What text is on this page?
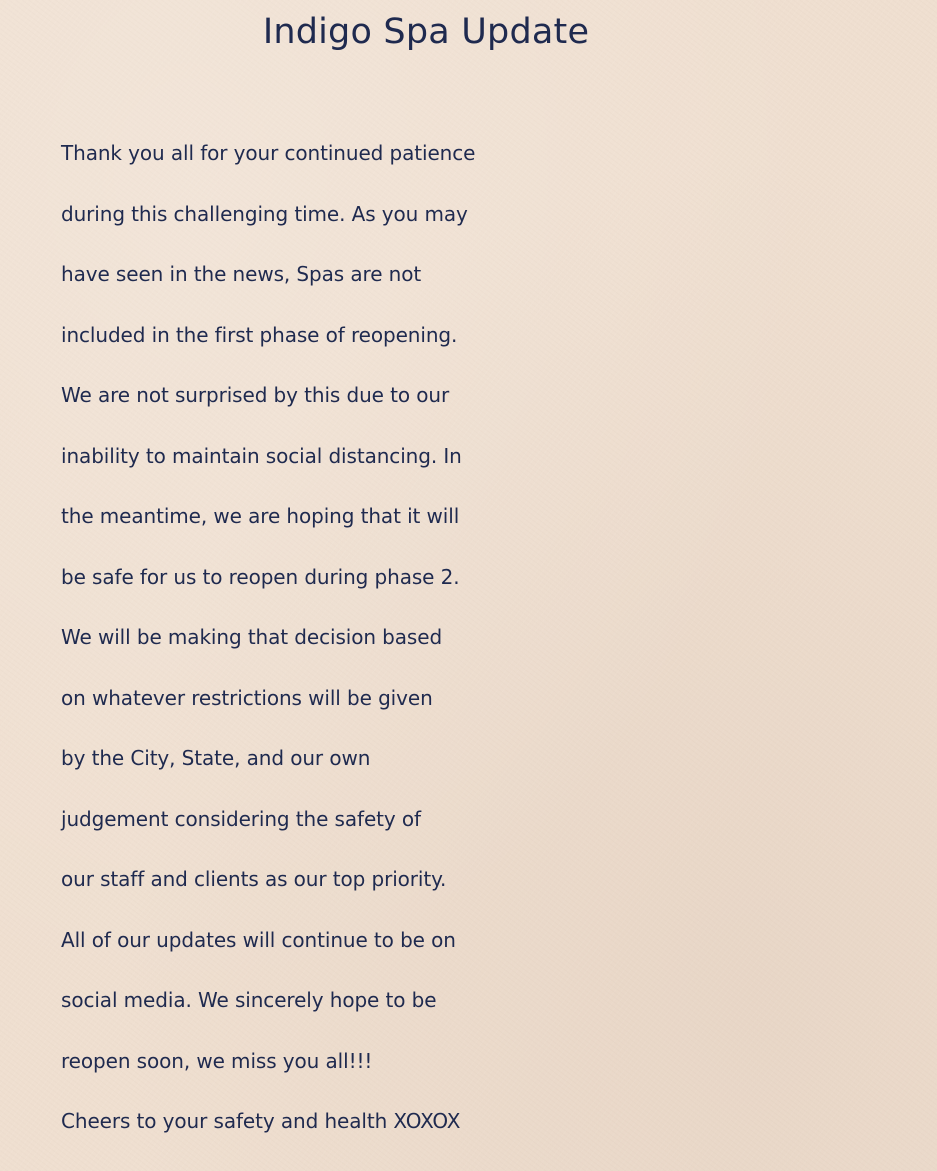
Indigo Spa Update
Thank you all for your continued patience
during this challenging time. As you may
have seen in the news, Spas are not
included in the first phase of reopening.
We are not surprised by this due to our
inability to maintain social distancing. In
the meantime, we are hoping that it will
be safe for us to reopen during phase 2.
We will be making that decision based
on whatever restrictions will be given
by the City, State, and our own
judgement considering the safety of
our staff and clients as our top priority.
All of our updates will continue to be on
social media. We sincerely hope to be
reopen soon, we miss you all!!!
Cheers to your safety and health XOXOX
